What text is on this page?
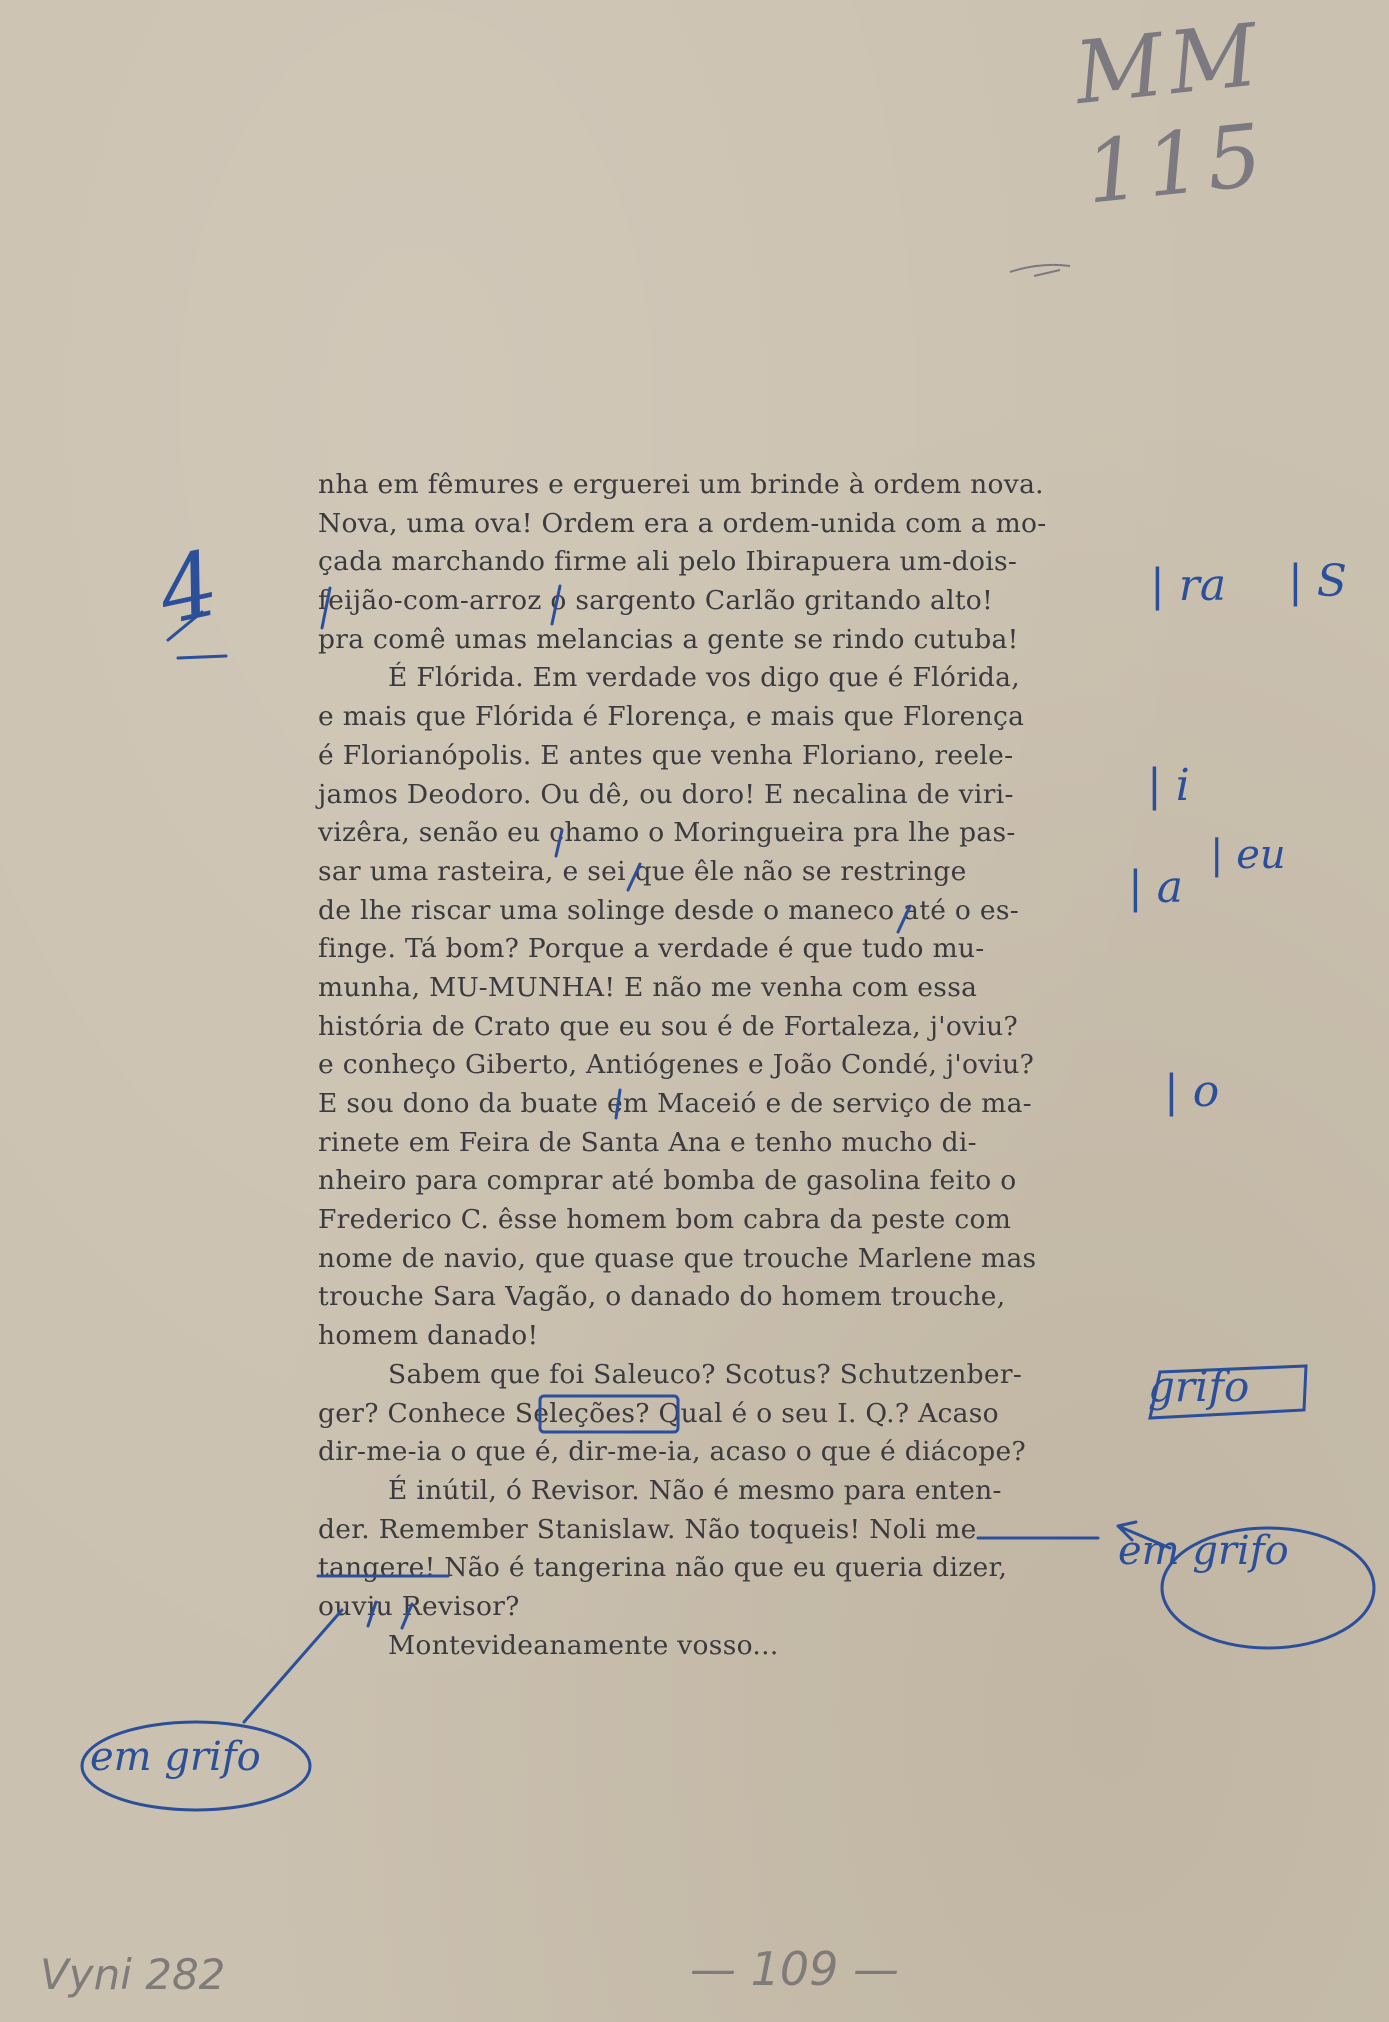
MM 115
nha em fêmures e erguerei um brinde à ordem nova.
Nova, uma ova! Ordem era a ordem-unida com a mo-
çada marchando firme ali pelo Ibirapuera um-dois-
feijão-com-arroz o sargento Carlão gritando alto!
pra comê umas melancias a gente se rindo cutuba!
É Flórida. Em verdade vos digo que é Flórida,
e mais que Flórida é Florença, e mais que Florença
é Florianópolis. E antes que venha Floriano, reele-
jamos Deodoro. Ou dê, ou doro! E necalina de viri-
vizêra, senão eu chamo o Moringueira pra lhe pas-
sar uma rasteira, e sei que êle não se restringe
de lhe riscar uma solinge desde o maneco até o es-
finge. Tá bom? Porque a verdade é que tudo mu-
munha, MU-MUNHA! E não me venha com essa
história de Crato que eu sou é de Fortaleza, j'oviu?
e conheço Giberto, Antiógenes e João Condé, j'oviu?
E sou dono da buate em Maceió e de serviço de ma-
rinete em Feira de Santa Ana e tenho mucho di-
nheiro para comprar até bomba de gasolina feito o
Frederico C. êsse homem bom cabra da peste com
nome de navio, que quase que trouche Marlene mas
trouche Sara Vagão, o danado do homem trouche,
homem danado!
Sabem que foi Saleuco? Scotus? Schutzenber-
ger? Conhece Seleções? Qual é o seu I. Q.? Acaso
dir-me-ia o que é, dir-me-ia, acaso o que é diácope?
É inútil, ó Revisor. Não é mesmo para enten-
der. Remember Stanislaw. Não toqueis! Noli me
tangere! Não é tangerina não que eu queria dizer,
ouviu Revisor?
Montevideanamente vosso...
4	| ra | S
| i
| a
| eu
| o
grifo
em grifo
em grifo
— 109 —
Vyni 282
